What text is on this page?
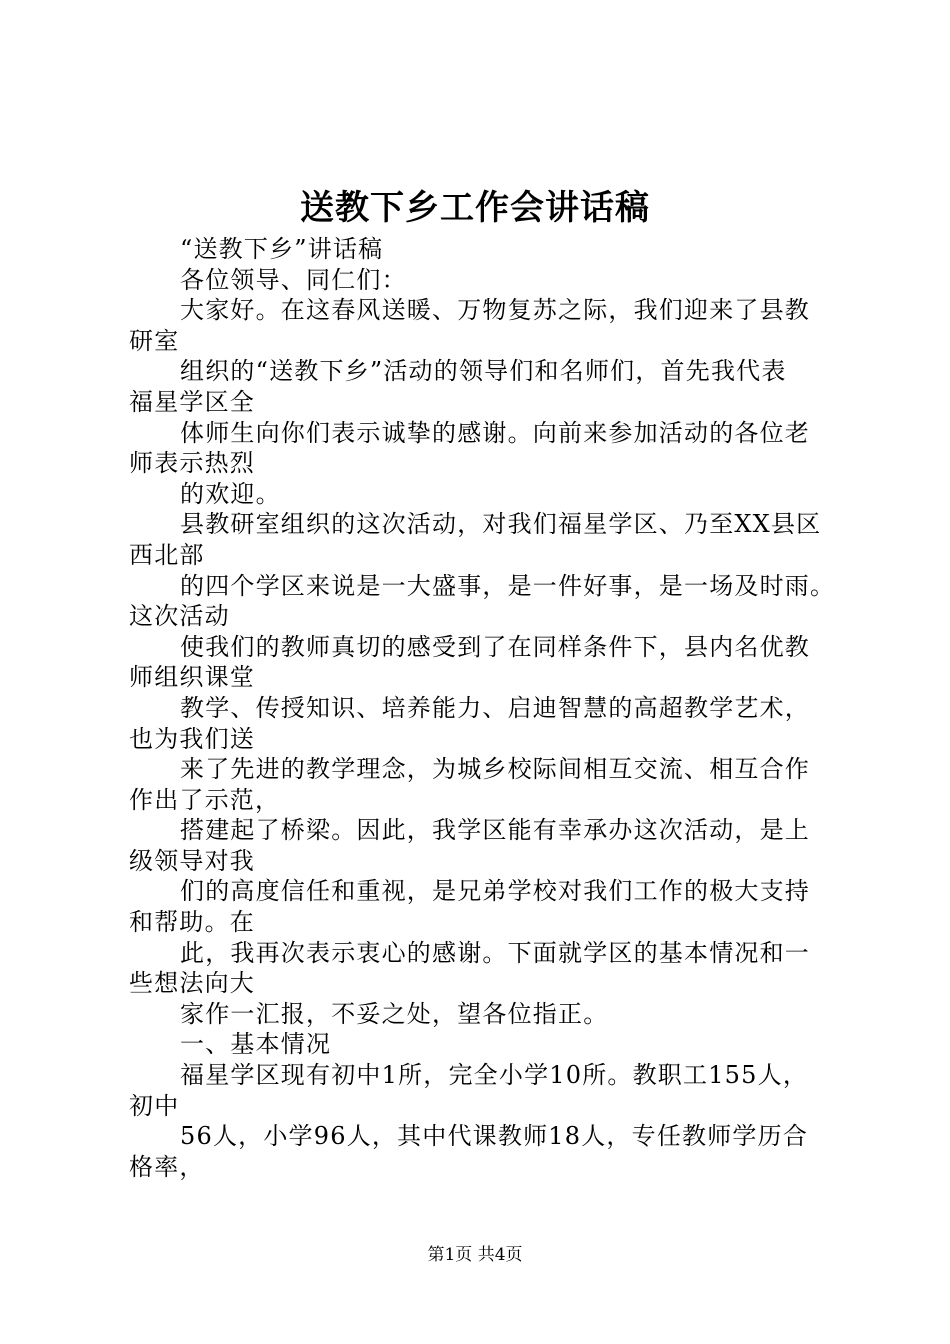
送教下乡工作会讲话稿
“送教下乡”讲话稿
各位领导、同仁们：
大家好。在这春风送暖、万物复苏之际，我们迎来了县教
研室
组织的“送教下乡”活动的领导们和名师们，首先我代表
福星学区全
体师生向你们表示诚挚的感谢。向前来参加活动的各位老
师表示热烈
的欢迎。
县教研室组织的这次活动，对我们福星学区、乃至XX县区
西北部
的四个学区来说是一大盛事，是一件好事，是一场及时雨。
这次活动
使我们的教师真切的感受到了在同样条件下，县内名优教
师组织课堂
教学、传授知识、培养能力、启迪智慧的高超教学艺术，
也为我们送
来了先进的教学理念，为城乡校际间相互交流、相互合作
作出了示范，
搭建起了桥梁。因此，我学区能有幸承办这次活动，是上
级领导对我
们的高度信任和重视，是兄弟学校对我们工作的极大支持
和帮助。在
此，我再次表示衷心的感谢。下面就学区的基本情况和一
些想法向大
家作一汇报，不妥之处，望各位指正。
一、基本情况
福星学区现有初中1所，完全小学10所。教职工155人，
初中
56人，小学96人，其中代课教师18人，专任教师学历合
格率，
第1页 共4页
